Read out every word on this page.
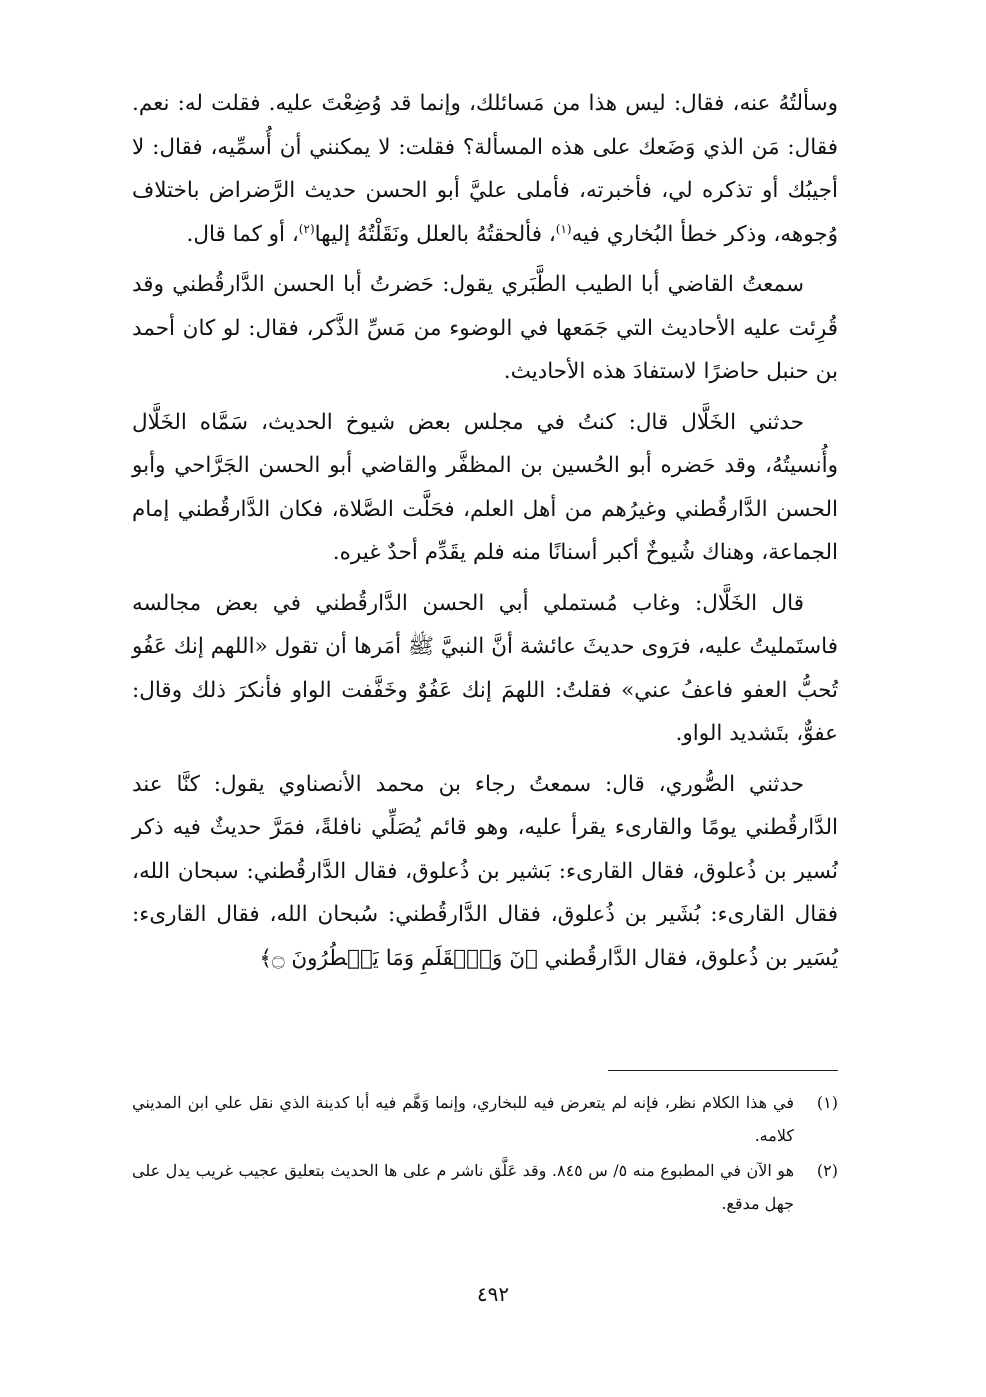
وسألتُهُ عنه، فقال: ليس هذا من مَسائلك، وإنما قد وُضِعْتَ عليه. فقلت له: نعم. فقال: مَن الذي وَضَعك على هذه المسألة؟ فقلت: لا يمكنني أن أُسمِّيه، فقال: لا أجيبُك أو تذكره لي، فأخبرته، فأملى عليَّ أبو الحسن حديث الرَّضراض باختلاف وُجوهه، وذكر خطأ البُخاري فيه$^{(١)}$، فألحقتُهُ بالعلل ونَقَلْتُهُ إليها$^{(٢)}$، أو كما قال.

سمعتُ القاضي أبا الطيب الطَّبَري يقول: حَضرتُ أبا الحسن الدَّارقُطني وقد قُرِئت عليه الأحاديث التي جَمَعها في الوضوء من مَسِّ الذَّكر، فقال: لو كان أحمد بن حنبل حاضرًا لاستفادَ هذه الأحاديث.

حدثني الخَلَّال قال: كنتُ في مجلس بعض شيوخ الحديث، سَمَّاه الخَلَّال وأُنسيتُهُ، وقد حَضره أبو الحُسين بن المظفَّر والقاضي أبو الحسن الجَرَّاحي وأبو الحسن الدَّارقُطني وغيرُهم من أهل العلم، فحَلَّت الصَّلاة، فكان الدَّارقُطني إمام الجماعة، وهناك شُيوخٌ أكبر أسنانًا منه فلم يقَدِّم أحدٌ غيره.

قال الخَلَّال: وغاب مُستملي أبي الحسن الدَّارقُطني في بعض مجالسه فاستَمليتُ عليه، فرَوى حديثَ عائشة أنَّ النبيَّ ﷺ أمَرها أن تقول «اللهم إنك عَفُو تُحبُّ العفو فاعفُ عني» فقلتُ: اللهمَ إنك عَفُوٌ وخَفَّفت الواو فأنكرَ ذلك وقال: عفوٌّ، بتَشديد الواو.

حدثني الصُّوري، قال: سمعتُ رجاء بن محمد الأنصناوي يقول: كنَّا عند الدَّارقُطني يومًا والقارىء يقرأ عليه، وهو قائم يُصَلِّي نافلةً، فمَرَّ حديثٌ فيه ذكر نُسير بن ذُعلوق، فقال القارىء: بَشير بن ذُعلوق، فقال الدَّارقُطني: سبحان الله، فقال القارىء: بُشَير بن ذُعلوق، فقال الدَّارقُطني: سُبحان الله، فقال القارىء: يُسَير بن ذُعلوق، فقال الدَّارقُطني ﴿نٓ وَٱلۡقَلَمِ وَمَا يَسۡطُرُونَ ۝﴾

(١)
في هذا الكلام نظر، فإنه لم يتعرض فيه للبخاري، وإنما وَهَّم فيه أبا كدينة الذي نقل علي ابن المديني كلامه.
(٢)
هو الآن في المطبوع منه ٥/ س ٨٤٥. وقد عَلَّق ناشر م على ها الحديث بتعليق عجيب غريب يدل على جهل مدقع.
٤٩٢
